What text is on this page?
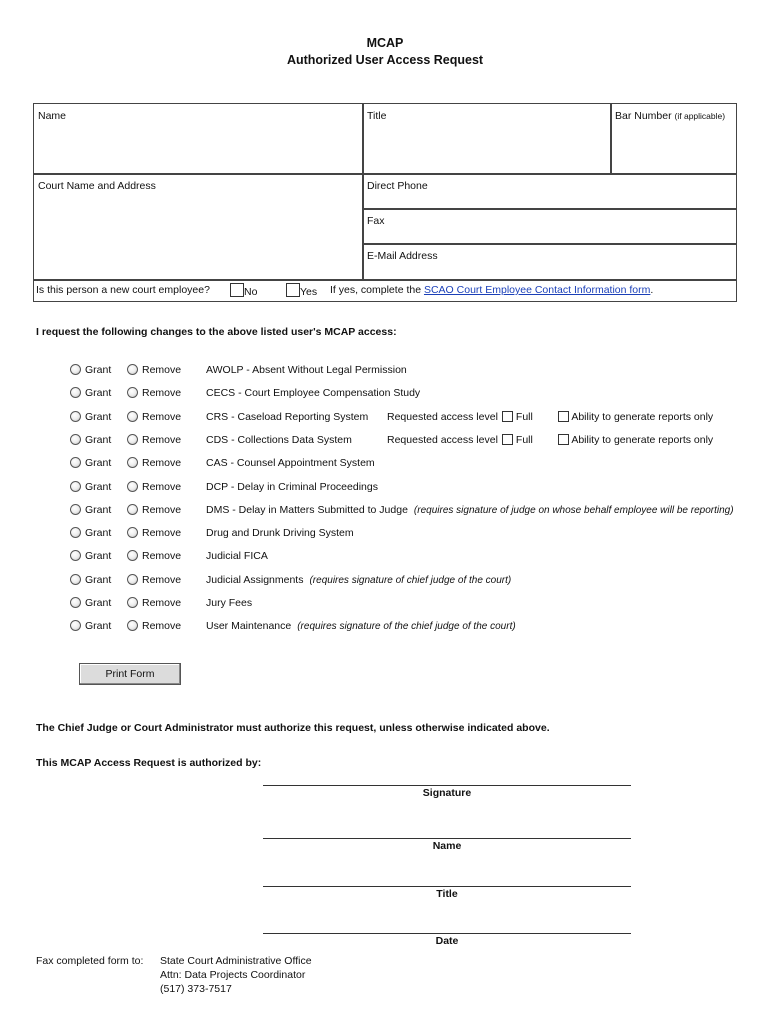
MCAP
Authorized User Access Request
Name	Title	Bar Number (if applicable)
Court Name and Address	Direct Phone
Fax
E-Mail Address
Is this person a new court employee?	No	Yes If yes, complete the SCAO Court Employee Contact Information form.
I request the following changes to the above listed user's MCAP access:
Grant	Remove AWOLP - Absent Without Legal Permission
Grant	Remove CECS - Court Employee Compensation Study
Grant	Remove CRS - Caseload Reporting System Requested access level	Full	Ability to generate reports only
Grant	Remove CDS - Collections Data System	Requested access level	Full	Ability to generate reports only
Grant	Remove CAS - Counsel Appointment System
Grant	Remove DCP - Delay in Criminal Proceedings
Grant	Remove DMS - Delay in Matters Submitted to Judge (requires signature of judge on whose behalf employee will be reporting)
Grant	Remove Drug and Drunk Driving System
Grant	Remove Judicial FICA
Grant	Remove Judicial Assignments (requires signature of chief judge of the court)
Grant	Remove Jury Fees
Grant	Remove User Maintenance (requires signature of the chief judge of the court)
Print Form
The Chief Judge or Court Administrator must authorize this request, unless otherwise indicated above.
This MCAP Access Request is authorized by:
Signature
Name
Title
Date
Fax completed form to: State Court Administrative Office
Attn: Data Projects Coordinator
(517) 373-7517
